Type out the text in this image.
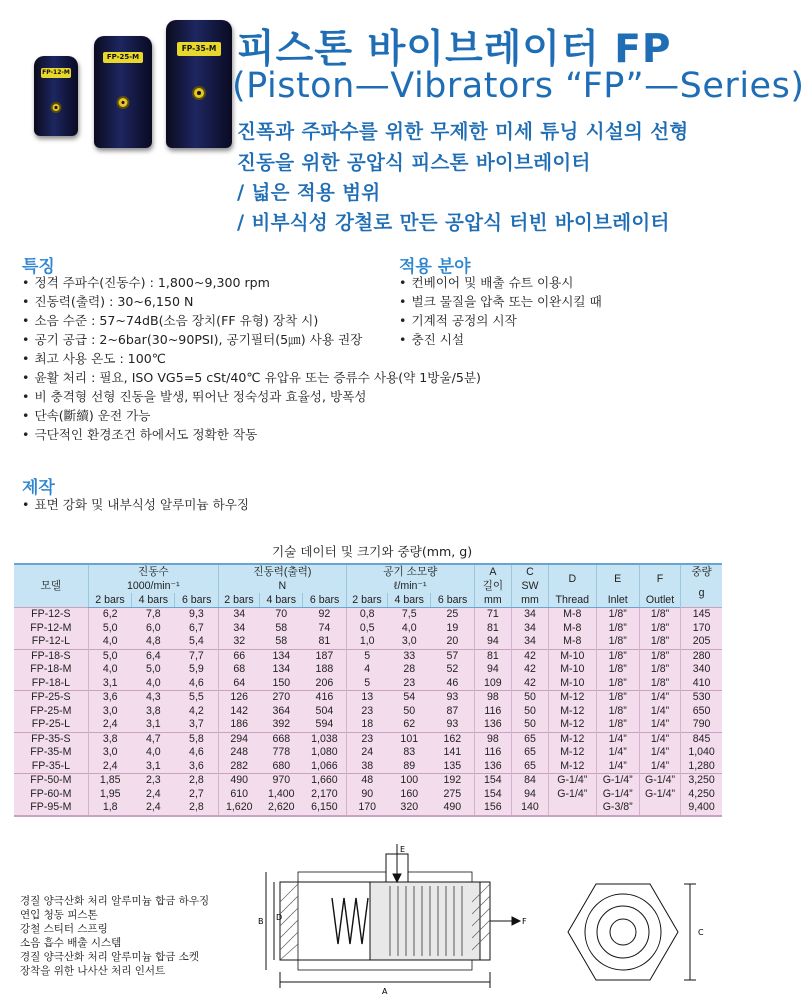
FP-12-M
FP-25-M
FP-35-M 피스톤 바이브레이터 FP
(Piston—Vibrators “FP”—Series)
진폭과 주파수를 위한 무제한 미세 튜닝 시설의 선형
진동을 위한 공압식 피스톤 바이브레이터
/ 넓은 적용 범위
/ 비부식성 강철로 만든 공압식 터빈 바이브레이터
특징
• 정격 주파수(진동수) : 1,800~9,300 rpm
• 진동력(출력) : 30~6,150 N
• 소음 수준 : 57~74dB(소음 장치(FF 유형) 장착 시)
• 공기 공급 : 2~6bar(30~90PSI), 공기필터(5㎛) 사용 권장
• 최고 사용 온도 : 100℃
• 윤활 처리 : 필요, ISO VG5=5 cSt/40℃ 유압유 또는 증류수 사용(약 1방울/5분)
• 비 충격형 선형 진동을 발생, 뛰어난 정숙성과 효율성, 방폭성
• 단속(斷續) 운전 가능
• 극단적인 환경조건 하에서도 정확한 작동
적용 분야
• 컨베이어 및 배출 슈트 이용시
• 벌크 물질을 압축 또는 이완시킬 때
• 기계적 공정의 시작
• 충진 시설
제작
• 표면 강화 및 내부식성 알루미늄 하우징
기술 데이터 및 크기와 중량(mm, g)
모델	진동수			진동력(출력)			공기 소모량			A	C	D	E	F	중량
	1000/min⁻¹			N			ℓ/min⁻¹			길이	SW				g
	2 bars	4 bars	6 bars	2 bars	4 bars	6 bars	2 bars	4 bars	6 bars	mm	mm	Thread	Inlet	Outlet	
FP-12-S	6,2	7,8	9,3	34	70	92	0,8	7,5	25	71	34	M-8	1/8”	1/8”	145
FP-12-M	5,0	6,0	6,7	34	58	74	0,5	4,0	19	81	34	M-8	1/8”	1/8”	170
FP-12-L	4,0	4,8	5,4	32	58	81	1,0	3,0	20	94	34	M-8	1/8”	1/8”	205
FP-18-S	5,0	6,4	7,7	66	134	187	5	33	57	81	42	M-10	1/8”	1/8”	280
FP-18-M	4,0	5,0	5,9	68	134	188	4	28	52	94	42	M-10	1/8”	1/8”	340
FP-18-L	3,1	4,0	4,6	64	150	206	5	23	46	109	42	M-10	1/8”	1/8”	410
FP-25-S	3,6	4,3	5,5	126	270	416	13	54	93	98	50	M-12	1/8”	1/4”	530
FP-25-M	3,0	3,8	4,2	142	364	504	23	50	87	116	50	M-12	1/8”	1/4”	650
FP-25-L	2,4	3,1	3,7	186	392	594	18	62	93	136	50	M-12	1/8”	1/4”	790
FP-35-S	3,8	4,7	5,8	294	668	1,038	23	101	162	98	65	M-12	1/4”	1/4”	845
FP-35-M	3,0	4,0	4,6	248	778	1,080	24	83	141	116	65	M-12	1/4”	1/4”	1,040
FP-35-L	2,4	3,1	3,6	282	680	1,066	38	89	135	136	65	M-12	1/4”	1/4”	1,280
FP-50-M	1,85	2,3	2,8	490	970	1,660	48	100	192	154	84	G-1/4”	G-1/4”	G-1/4”	3,250
FP-60-M	1,95	2,4	2,7	610	1,400	2,170	90	160	275	154	94	G-1/4”	G-1/4”	G-1/4”	4,250
FP-95-M	1,8	2,4	2,8	1,620	2,620	6,150	170	320	490	156	140		G-3/8”		9,400
경질 양극산화 처리 알루미늄 합금 하우징
연입 청동 피스톤
강철 스티터 스프링
소음 흡수 배출 시스템
경질 양극산화 처리 알루미늄 합금 소켓
장착을 위한 나사산 처리 인서트
E
F
A
B D
C
